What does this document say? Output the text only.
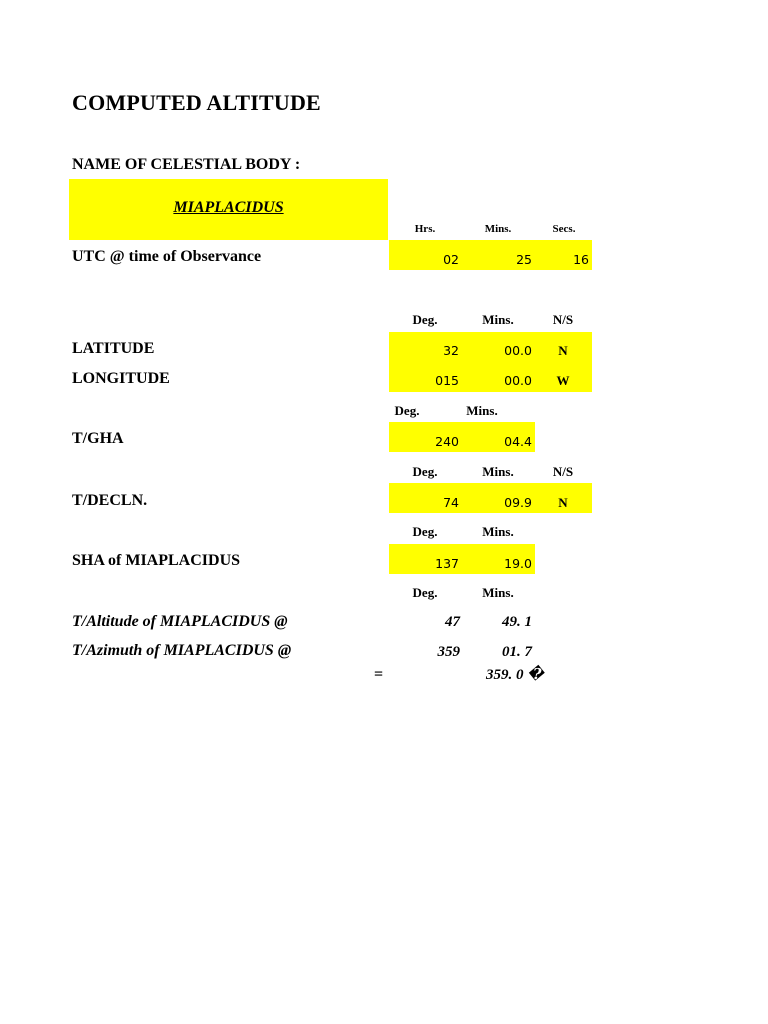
COMPUTED ALTITUDE
NAME OF CELESTIAL BODY :
MIAPLACIDUS
Hrs.	Mins.	Secs.
UTC @ time of Observance	02	25	16
Deg.	Mins.	N/S
LATITUDE	32	00.0	N
LONGITUDE	015	00.0	W
Deg.	Mins.
T/GHA	240	04.4
Deg.	Mins.	N/S
T/DECLN.	74	09.9	N
Deg.	Mins.
SHA of MIAPLACIDUS	137	19.0
Deg.	Mins.
T/Altitude of MIAPLACIDUS @	47	49. 1
T/Azimuth of MIAPLACIDUS @	359	01. 7
=	359. 0 �
